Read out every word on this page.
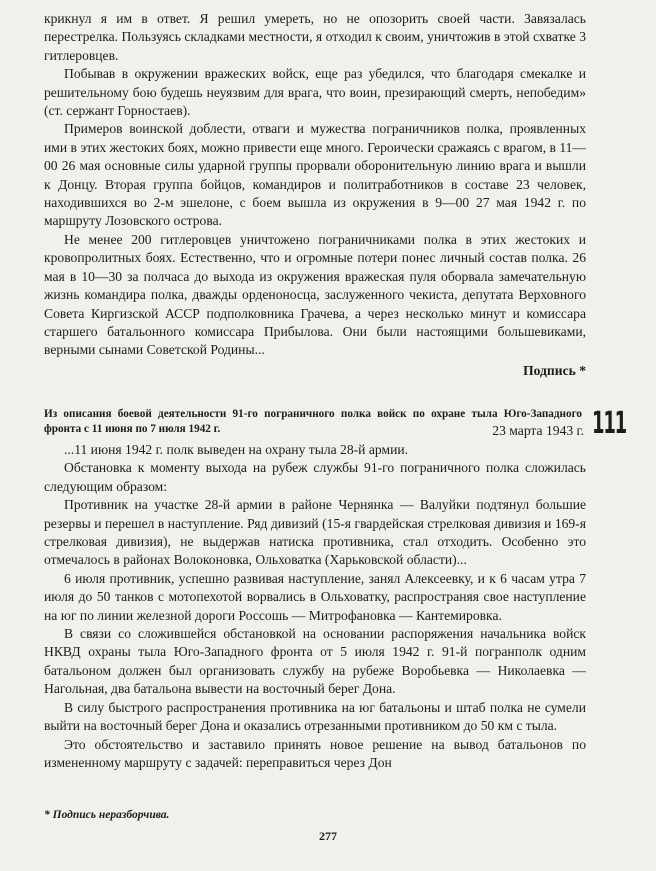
крикнул я им в ответ. Я решил умереть, но не опозорить своей части. Завязалась перестрелка. Пользуясь складками местности, я отходил к своим, уничтожив в этой схватке 3 гитлеровцев.

Побывав в окружении вражеских войск, еще раз убедился, что благодаря смекалке и решительному бою будешь неуязвим для врага, что воин, презирающий смерть, непобедим» (ст. сержант Горностаев).

Примеров воинской доблести, отваги и мужества пограничников полка, проявленных ими в этих жестоких боях, можно привести еще много. Героически сражаясь с врагом, в 11—00 26 мая основные силы ударной группы прорвали оборонительную линию врага и вышли к Донцу. Вторая группа бойцов, командиров и политработников в составе 23 человек, находившихся во 2-м эшелоне, с боем вышла из окружения в 9—00 27 мая 1942 г. по маршруту Лозовского острова.

Не менее 200 гитлеровцев уничтожено пограничниками полка в этих жестоких и кровопролитных боях. Естественно, что и огромные потери понес личный состав полка. 26 мая в 10—30 за полчаса до выхода из окружения вражеская пуля оборвала замечательную жизнь командира полка, дважды орденоносца, заслуженного чекиста, депутата Верховного Совета Киргизской АССР подполковника Грачева, а через несколько минут и комиссара старшего батальонного комиссара Прибылова. Они были настоящими большевиками, верными сынами Советской Родины...

Подпись *

Из описания боевой деятельности 91-го пограничного полка войск по охране тыла Юго-Западного фронта с 11 июня по 7 июля 1942 г.	111
23 марта 1943 г.

...11 июня 1942 г. полк выведен на охрану тыла 28-й армии.

Обстановка к моменту выхода на рубеж службы 91-го пограничного полка сложилась следующим образом:

Противник на участке 28-й армии в районе Чернянка — Валуйки подтянул большие резервы и перешел в наступление. Ряд дивизий (15-я гвардейская стрелковая дивизия и 169-я стрелковая дивизия), не выдержав натиска противника, стал отходить. Особенно это отмечалось в районах Волоконовка, Ольховатка (Харьковской области)...

6 июля противник, успешно развивая наступление, занял Алексеевку, и к 6 часам утра 7 июля до 50 танков с мотопехотой ворвались в Ольховатку, распространяя свое наступление на юг по линии железной дороги Россошь — Митрофановка — Кантемировка.

В связи со сложившейся обстановкой на основании распоряжения начальника войск НКВД охраны тыла Юго-Западного фронта от 5 июля 1942 г. 91-й погранполк одним батальоном должен был организовать службу на рубеже Воробьевка — Николаевка — Нагольная, два батальона вывести на восточный берег Дона.

В силу быстрого распространения противника на юг батальоны и штаб полка не сумели выйти на восточный берег Дона и оказались отрезанными противником до 50 км с тыла.

Это обстоятельство и заставило принять новое решение на вывод батальонов по измененному маршруту с задачей: переправиться через Дон

* Подпись неразборчива.
277
